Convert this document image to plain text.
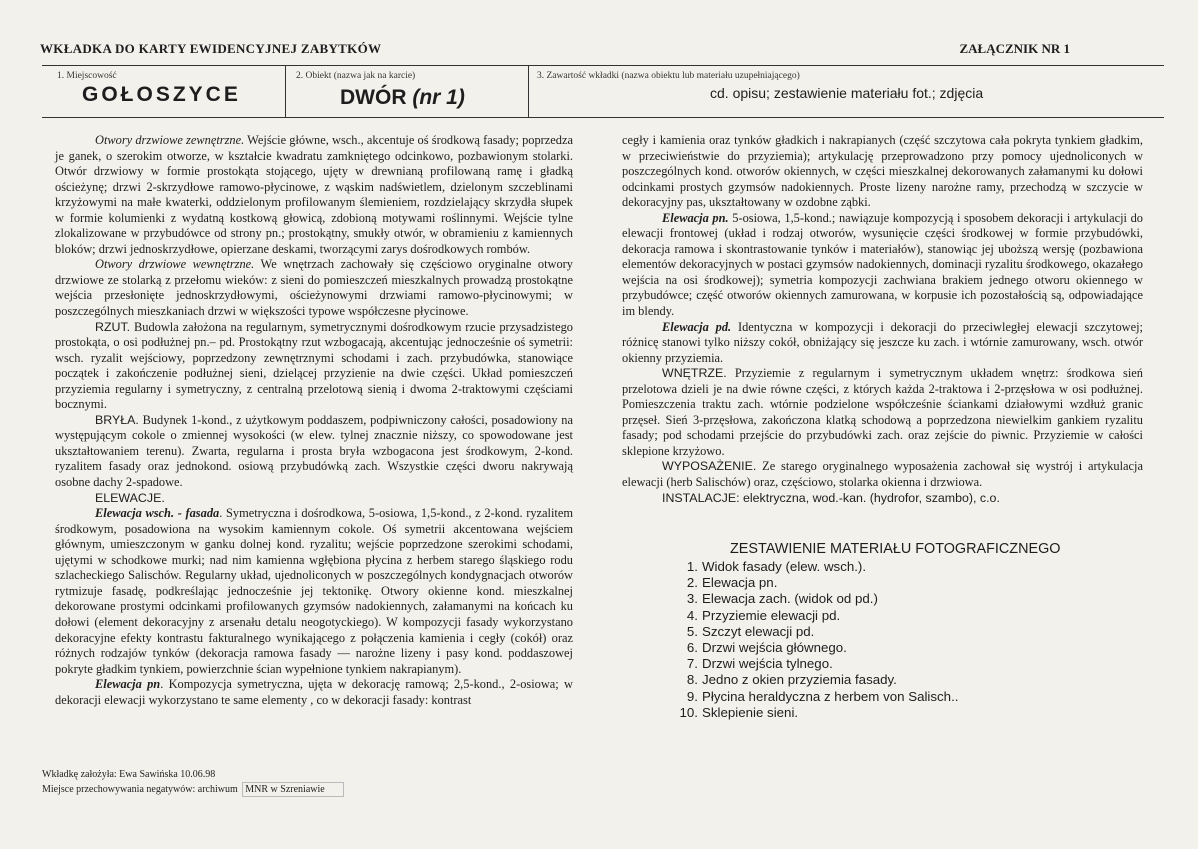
WKŁADKA DO KARTY EWIDENCYJNEJ ZABYTKÓW	ZAŁĄCZNIK NR 1
1. Miejscowość
GOŁOSZYCE
2. Obiekt (nazwa jak na karcie)
DWÓR (nr 1)
3. Zawartość wkładki (nazwa obiektu lub materiału uzupełniającego)
cd. opisu; zestawienie materiału fot.; zdjęcia

Otwory drzwiowe zewnętrzne. Wejście główne, wsch., akcentuje oś środkową fasady; poprzedza je ganek, o szerokim otworze, w kształcie kwadratu zamkniętego odcinkowo, pozbawionym stolarki. Otwór drzwiowy w formie prostokąta stojącego, ujęty w drewnianą profilowaną ramę i gładką ościeżynę; drzwi 2-skrzydłowe ramowo-płycinowe, z wąskim nadświetlem, dzielonym szczeblinami krzyżowymi na małe kwaterki, oddzielonym profilowanym ślemieniem, rozdzielający skrzydła słupek w formie kolumienki z wydatną kostkową głowicą, zdobioną motywami roślinnymi. Wejście tylne zlokalizowane w przybudówce od strony pn.; prostokątny, smukły otwór, w obramieniu z kamiennych bloków; drzwi jednoskrzydłowe, opierzane deskami, tworzącymi zarys dośrodkowych rombów.

Otwory drzwiowe wewnętrzne. We wnętrzach zachowały się częściowo oryginalne otwory drzwiowe ze stolarką z przełomu wieków: z sieni do pomieszczeń mieszkalnych prowadzą prostokątne wejścia przesłonięte jednoskrzydłowymi, ościeżynowymi drzwiami ramowo-płycinowymi; w poszczególnych mieszkaniach drzwi w większości typowe współczesne płycinowe.

RZUT. Budowla założona na regularnym, symetrycznymi dośrodkowym rzucie przysadzistego prostokąta, o osi podłużnej pn.– pd. Prostokątny rzut wzbogacają, akcentując jednocześnie oś symetrii: wsch. ryzalit wejściowy, poprzedzony zewnętrznymi schodami i zach. przybudówka, stanowiące początek i zakończenie podłużnej sieni, dzielącej przyzienie na dwie części. Układ pomieszczeń przyziemia regularny i symetryczny, z centralną przelotową sienią i dwoma 2-traktowymi częściami bocznymi.

BRYŁA. Budynek 1-kond., z użytkowym poddaszem, podpiwniczony całości, posadowiony na występującym cokole o zmiennej wysokości (w elew. tylnej znacznie niższy, co spowodowane jest ukształtowaniem terenu). Zwarta, regularna i prosta bryła wzbogacona jest środkowym, 2-kond. ryzalitem fasady oraz jednokond. osiową przybudówką zach. Wszystkie części dworu nakrywają osobne dachy 2-spadowe.

ELEWACJE.

Elewacja wsch. - fasada. Symetryczna i dośrodkowa, 5-osiowa, 1,5-kond., z 2-kond. ryzalitem środkowym, posadowiona na wysokim kamiennym cokole. Oś symetrii akcentowana wejściem głównym, umieszczonym w ganku dolnej kond. ryzalitu; wejście poprzedzone szerokimi schodami, ujętymi w schodkowe murki; nad nim kamienna wgłębiona płycina z herbem starego śląskiego rodu szlacheckiego Salischów. Regularny układ, ujednoliconych w poszczególnych kondygnacjach otworów rytmizuje fasadę, podkreślając jednocześnie jej tektonikę. Otwory okienne kond. mieszkalnej dekorowane prostymi odcinkami profilowanych gzymsów nadokiennych, załamanymi na końcach ku dołowi (element dekoracyjny z arsenału detalu neogotyckiego). W kompozycji fasady wykorzystano dekoracyjne efekty kontrastu fakturalnego wynikającego z połączenia kamienia i cegły (cokół) oraz różnych rodzajów tynków (dekoracja ramowa fasady — narożne lizeny i pasy kond. poddaszowej pokryte gładkim tynkiem, powierzchnie ścian wypełnione tynkiem nakrapianym).

Elewacja pn. Kompozycja symetryczna, ujęta w dekorację ramową; 2,5-kond., 2-osiowa; w dekoracji elewacji wykorzystano te same elementy , co w dekoracji fasady: kontrast

cegły i kamienia oraz tynków gładkich i nakrapianych (część szczytowa cała pokryta tynkiem gładkim, w przeciwieństwie do przyziemia); artykulację przeprowadzono przy pomocy ujednoliconych w poszczególnych kond. otworów okiennych, w części mieszkalnej dekorowanych załamanymi ku dołowi odcinkami prostych gzymsów nadokiennych. Proste lizeny narożne ramy, przechodzą w szczycie w dekoracyjny pas, ukształtowany w ozdobne ząbki.

Elewacja pn. 5-osiowa, 1,5-kond.; nawiązuje kompozycją i sposobem dekoracji i artykulacji do elewacji frontowej (układ i rodzaj otworów, wysunięcie części środkowej w formie przybudówki, dekoracja ramowa i skontrastowanie tynków i materiałów), stanowiąc jej uboższą wersję (pozbawiona elementów dekoracyjnych w postaci gzymsów nadokiennych, dominacji ryzalitu środkowego, okazałego wejścia na osi środkowej); symetria kompozycji zachwiana brakiem jednego otworu okiennego w przybudówce; część otworów okiennych zamurowana, w korpusie ich pozostałością są, odpowiadające im blendy.

Elewacja pd. Identyczna w kompozycji i dekoracji do przeciwległej elewacji szczytowej; różnicę stanowi tylko niższy cokół, obniżający się jeszcze ku zach. i wtórnie zamurowany, wsch. otwór okienny przyziemia.

WNĘTRZE. Przyziemie z regularnym i symetrycznym układem wnętrz: środkowa sień przelotowa dzieli je na dwie równe części, z których każda 2-traktowa i 2-przęsłowa w osi podłużnej. Pomieszczenia traktu zach. wtórnie podzielone współcześnie ściankami działowymi wzdłuż granic przęseł. Sień 3-przęsłowa, zakończona klatką schodową a poprzedzona niewielkim gankiem ryzalitu fasady; pod schodami przejście do przybudówki zach. oraz zejście do piwnic. Przyziemie w całości sklepione krzyżowo.

WYPOSAŻENIE. Ze starego oryginalnego wyposażenia zachował się wystrój i artykulacja elewacji (herb Salischów) oraz, częściowo, stolarka okienna i drzwiowa.

INSTALACJE: elektryczna, wod.-kan. (hydrofor, szambo), c.o.

ZESTAWIENIE MATERIAŁU FOTOGRAFICZNEGO
1. Widok fasady (elew. wsch.).
2. Elewacja pn.
3. Elewacja zach. (widok od pd.)
4. Przyziemie elewacji pd.
5. Szczyt elewacji pd.
6. Drzwi wejścia głównego.
7. Drzwi wejścia tylnego.
8. Jedno z okien przyziemia fasady.
9. Płycina heraldyczna z herbem von Salisch..
10. Sklepienie sieni.
Wkładkę założyła: Ewa Sawińska 10.06.98
Miejsce przechowywania negatywów: archiwum MNR w Szreniawie
